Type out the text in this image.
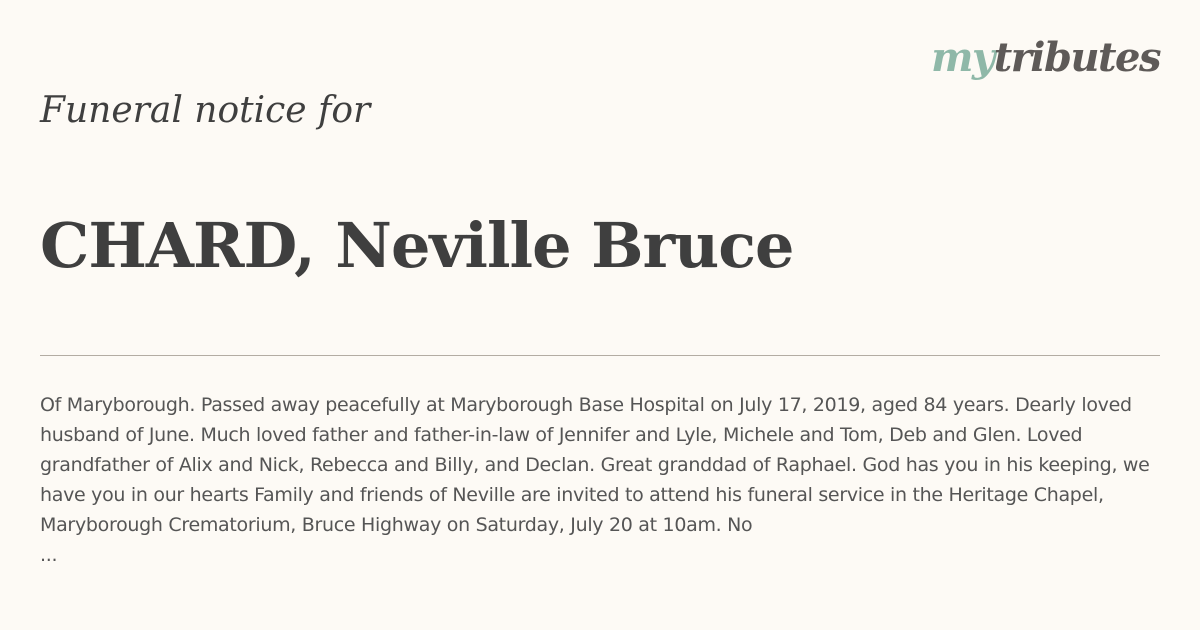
mytributes
Funeral notice for
CHARD, Neville Bruce

Of Maryborough. Passed away peacefully at Maryborough Base Hospital on July 17, 2019, aged 84 years. Dearly loved husband of June. Much loved father and father-in-law of Jennifer and Lyle, Michele and Tom, Deb and Glen. Loved grandfather of Alix and Nick, Rebecca and Billy, and Declan. Great granddad of Raphael. God has you in his keeping, we have you in our hearts Family and friends of Neville are invited to attend his funeral service in the Heritage Chapel, Maryborough Crematorium, Bruce Highway on Saturday, July 20 at 10am. No
...
